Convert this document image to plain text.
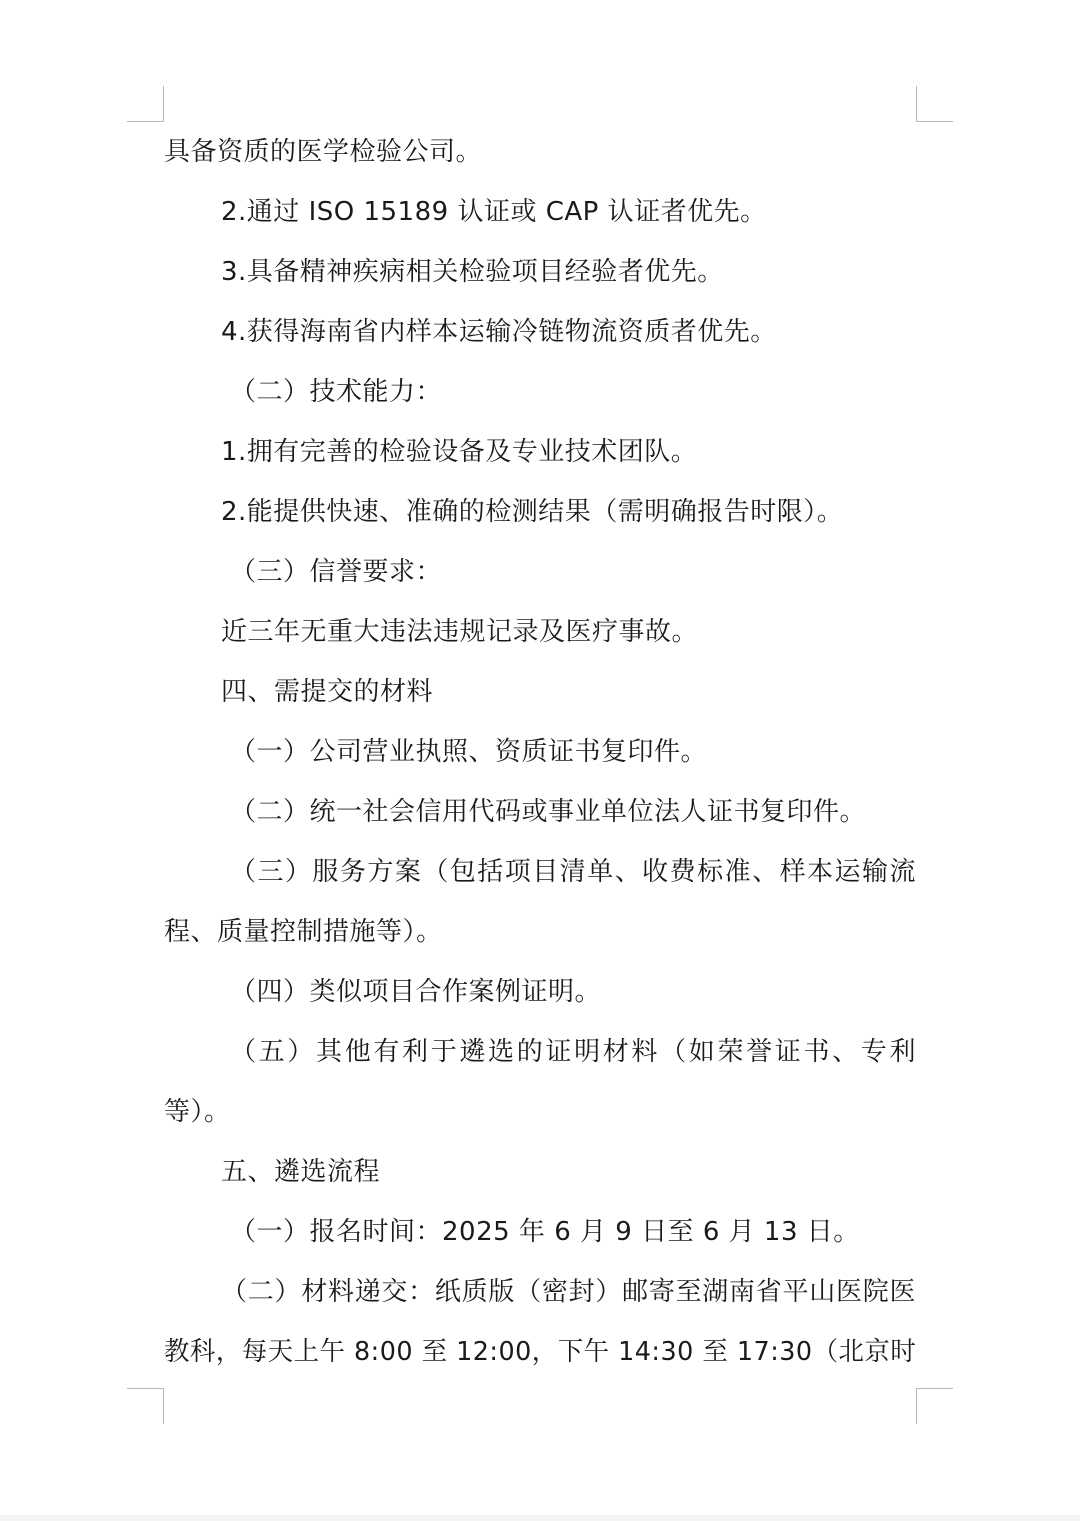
具备资质的医学检验公司。
2.通过 ISO 15189 认证或 CAP 认证者优先。
3.具备精神疾病相关检验项目经验者优先。
4.获得海南省内样本运输冷链物流资质者优先。
（二）技术能力：
1.拥有完善的检验设备及专业技术团队。
2.能提供快速、准确的检测结果（需明确报告时限）。
（三）信誉要求：
近三年无重大违法违规记录及医疗事故。
四、需提交的材料
（一）公司营业执照、资质证书复印件。
（二）统一社会信用代码或事业单位法人证书复印件。
（三）服务方案（包括项目清单、收费标准、样本运输流
程、质量控制措施等）。
（四）类似项目合作案例证明。
（五）其他有利于遴选的证明材料（如荣誉证书、专利
等）。
五、遴选流程
（一）报名时间：2025 年 6 月 9 日至 6 月 13 日。
（二）材料递交：纸质版（密封）邮寄至湖南省平山医院医
教科，每天上午 8:00 至 12:00，下午 14:30 至 17:30（北京时
